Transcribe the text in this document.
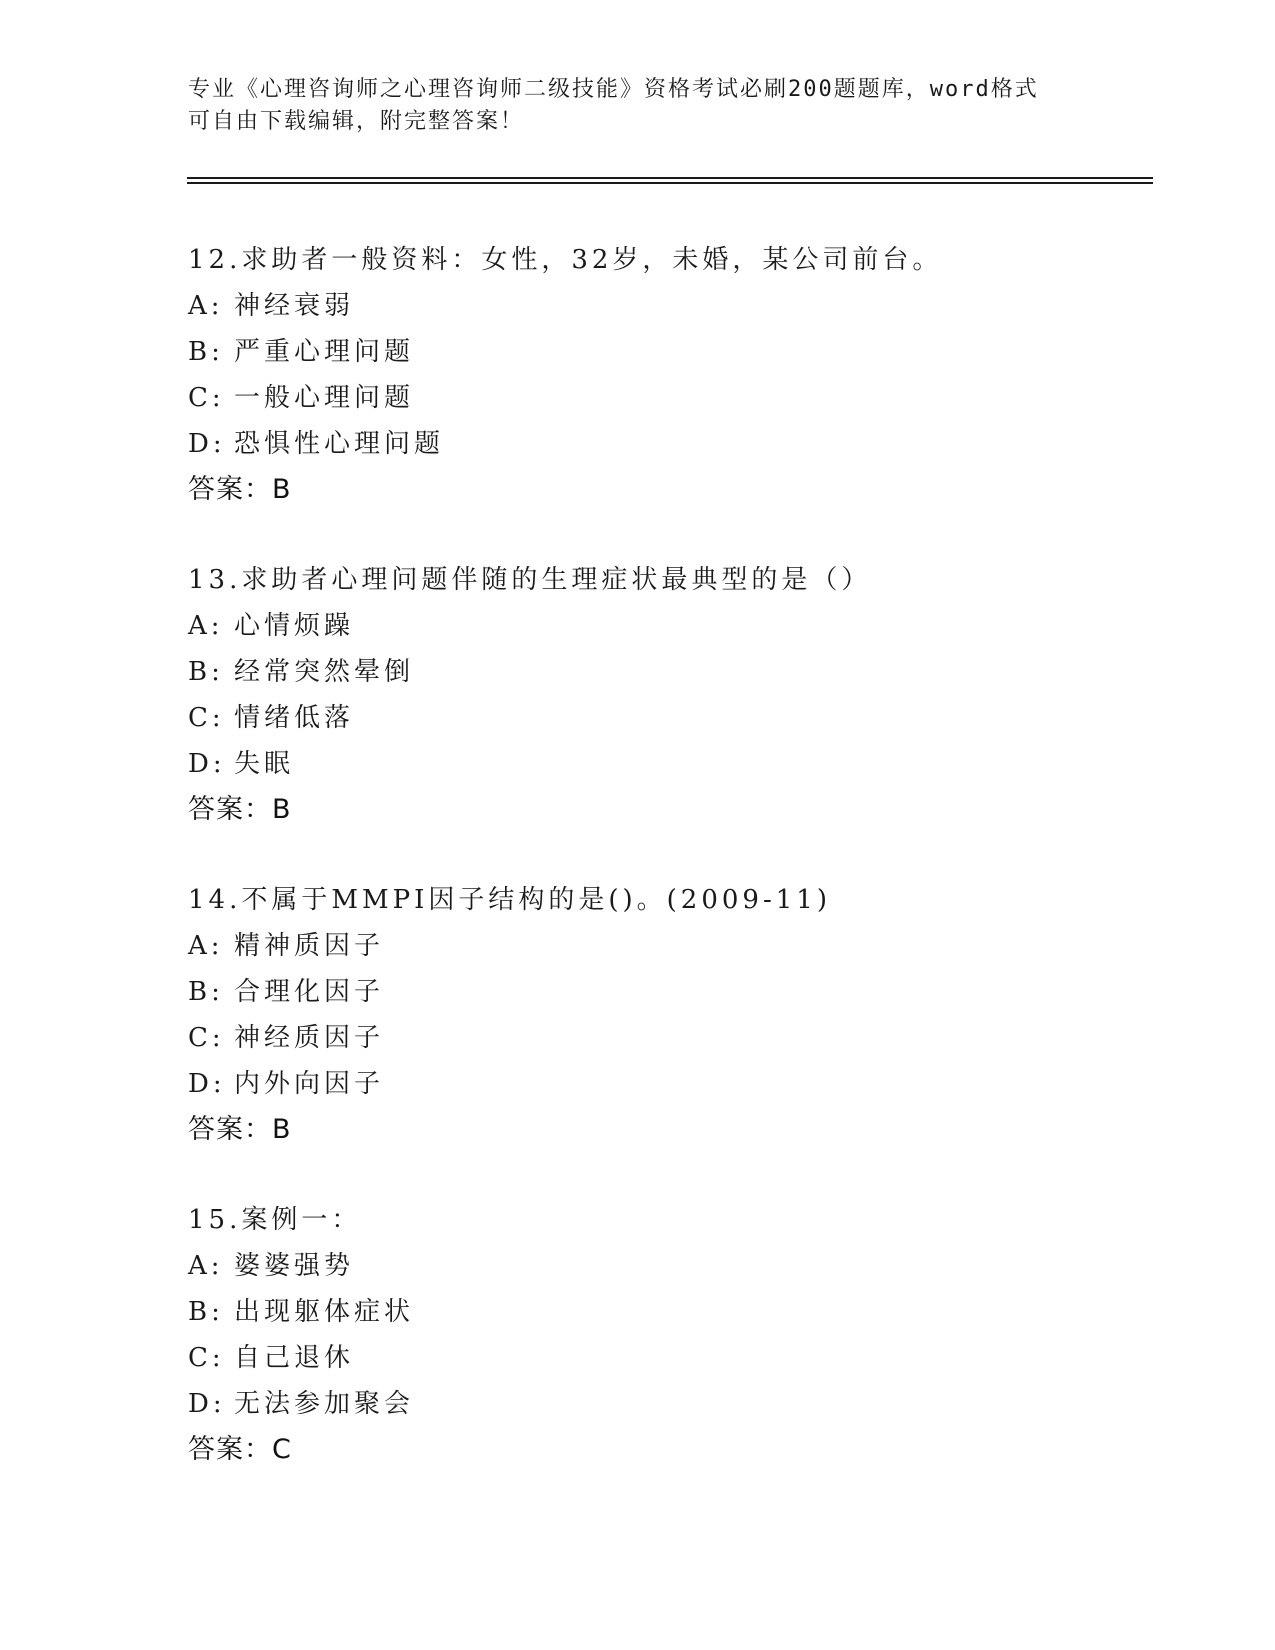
专业《心理咨询师之心理咨询师二级技能》资格考试必刷200题题库，word格式
可自由下载编辑，附完整答案！
12.求助者一般资料：女性，32岁，未婚，某公司前台。
A: 神经衰弱
B: 严重心理问题
C: 一般心理问题
D: 恐惧性心理问题
答案：B
13.求助者心理问题伴随的生理症状最典型的是（）
A: 心情烦躁
B: 经常突然晕倒
C: 情绪低落
D: 失眠
答案：B
14.不属于MMPI因子结构的是()。(2009-11)
A: 精神质因子
B: 合理化因子
C: 神经质因子
D: 内外向因子
答案：B
15.案例一：
A: 婆婆强势
B: 出现躯体症状
C: 自己退休
D: 无法参加聚会
答案：C
